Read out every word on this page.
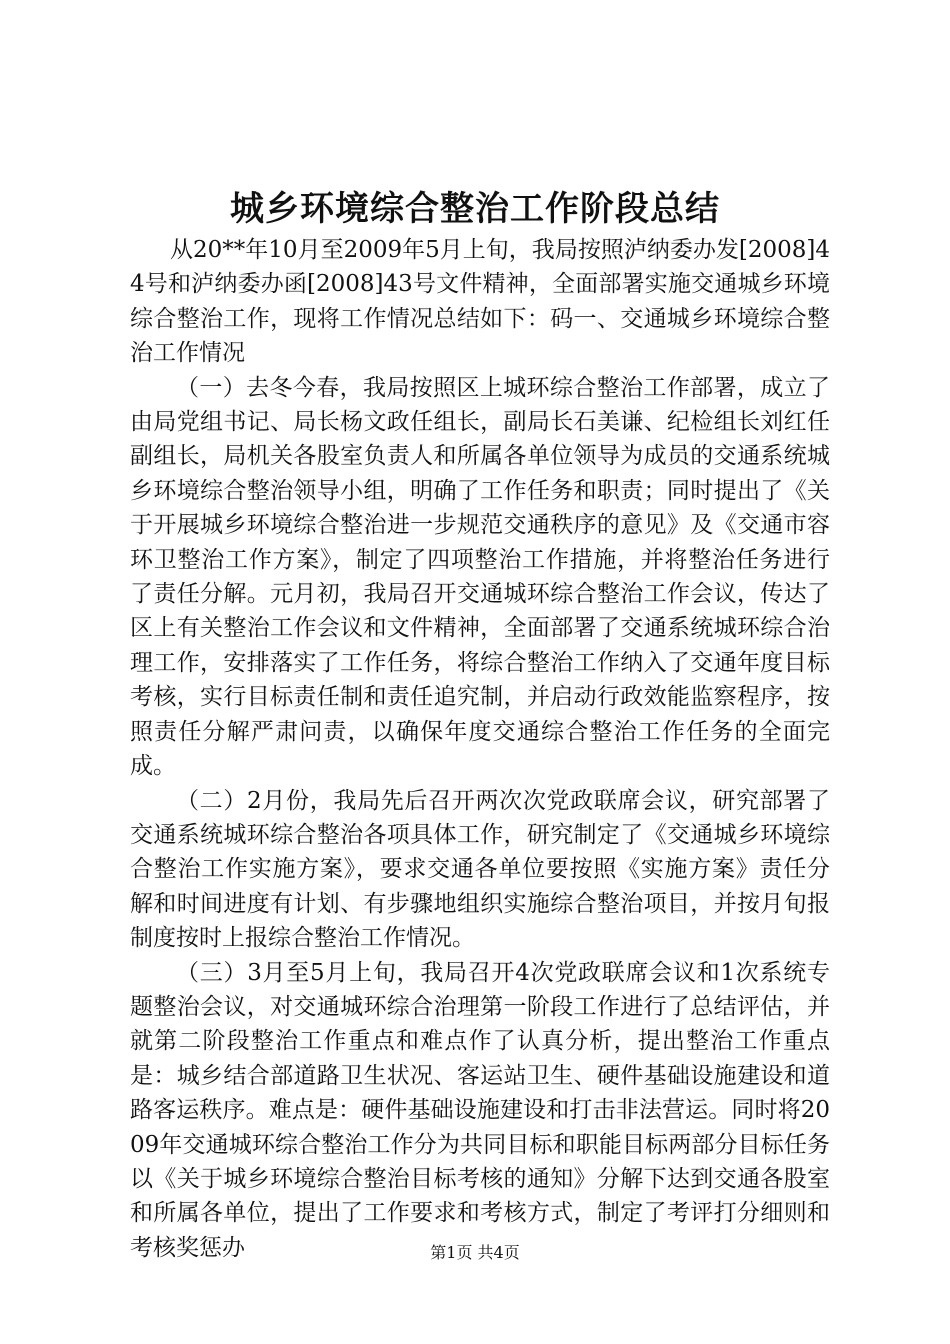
城乡环境综合整治工作阶段总结

从20**年10月至2009年5月上旬，我局按照泸纳委办发[2008]44号和泸纳委办函[2008]43号文件精神，全面部署实施交通城乡环境综合整治工作，现将工作情况总结如下：码一、交通城乡环境综合整治工作情况

（一）去冬今春，我局按照区上城环综合整治工作部署，成立了由局党组书记、局长杨文政任组长，副局长石美谦、纪检组长刘红任副组长，局机关各股室负责人和所属各单位领导为成员的交通系统城乡环境综合整治领导小组，明确了工作任务和职责；同时提出了《关于开展城乡环境综合整治进一步规范交通秩序的意见》及《交通市容环卫整治工作方案》，制定了四项整治工作措施，并将整治任务进行了责任分解。元月初，我局召开交通城环综合整治工作会议，传达了区上有关整治工作会议和文件精神，全面部署了交通系统城环综合治理工作，安排落实了工作任务，将综合整治工作纳入了交通年度目标考核，实行目标责任制和责任追究制，并启动行政效能监察程序，按照责任分解严肃问责，以确保年度交通综合整治工作任务的全面完成。

（二）2月份，我局先后召开两次次党政联席会议，研究部署了交通系统城环综合整治各项具体工作，研究制定了《交通城乡环境综合整治工作实施方案》，要求交通各单位要按照《实施方案》责任分解和时间进度有计划、有步骤地组织实施综合整治项目，并按月旬报制度按时上报综合整治工作情况。

（三）3月至5月上旬，我局召开4次党政联席会议和1次系统专题整治会议，对交通城环综合治理第一阶段工作进行了总结评估，并就第二阶段整治工作重点和难点作了认真分析，提出整治工作重点是：城乡结合部道路卫生状况、客运站卫生、硬件基础设施建设和道路客运秩序。难点是：硬件基础设施建设和打击非法营运。同时将2009年交通城环综合整治工作分为共同目标和职能目标两部分目标任务以《关于城乡环境综合整治目标考核的通知》分解下达到交通各股室和所属各单位，提出了工作要求和考核方式，制定了考评打分细则和考核奖惩办	第1页 共4页
